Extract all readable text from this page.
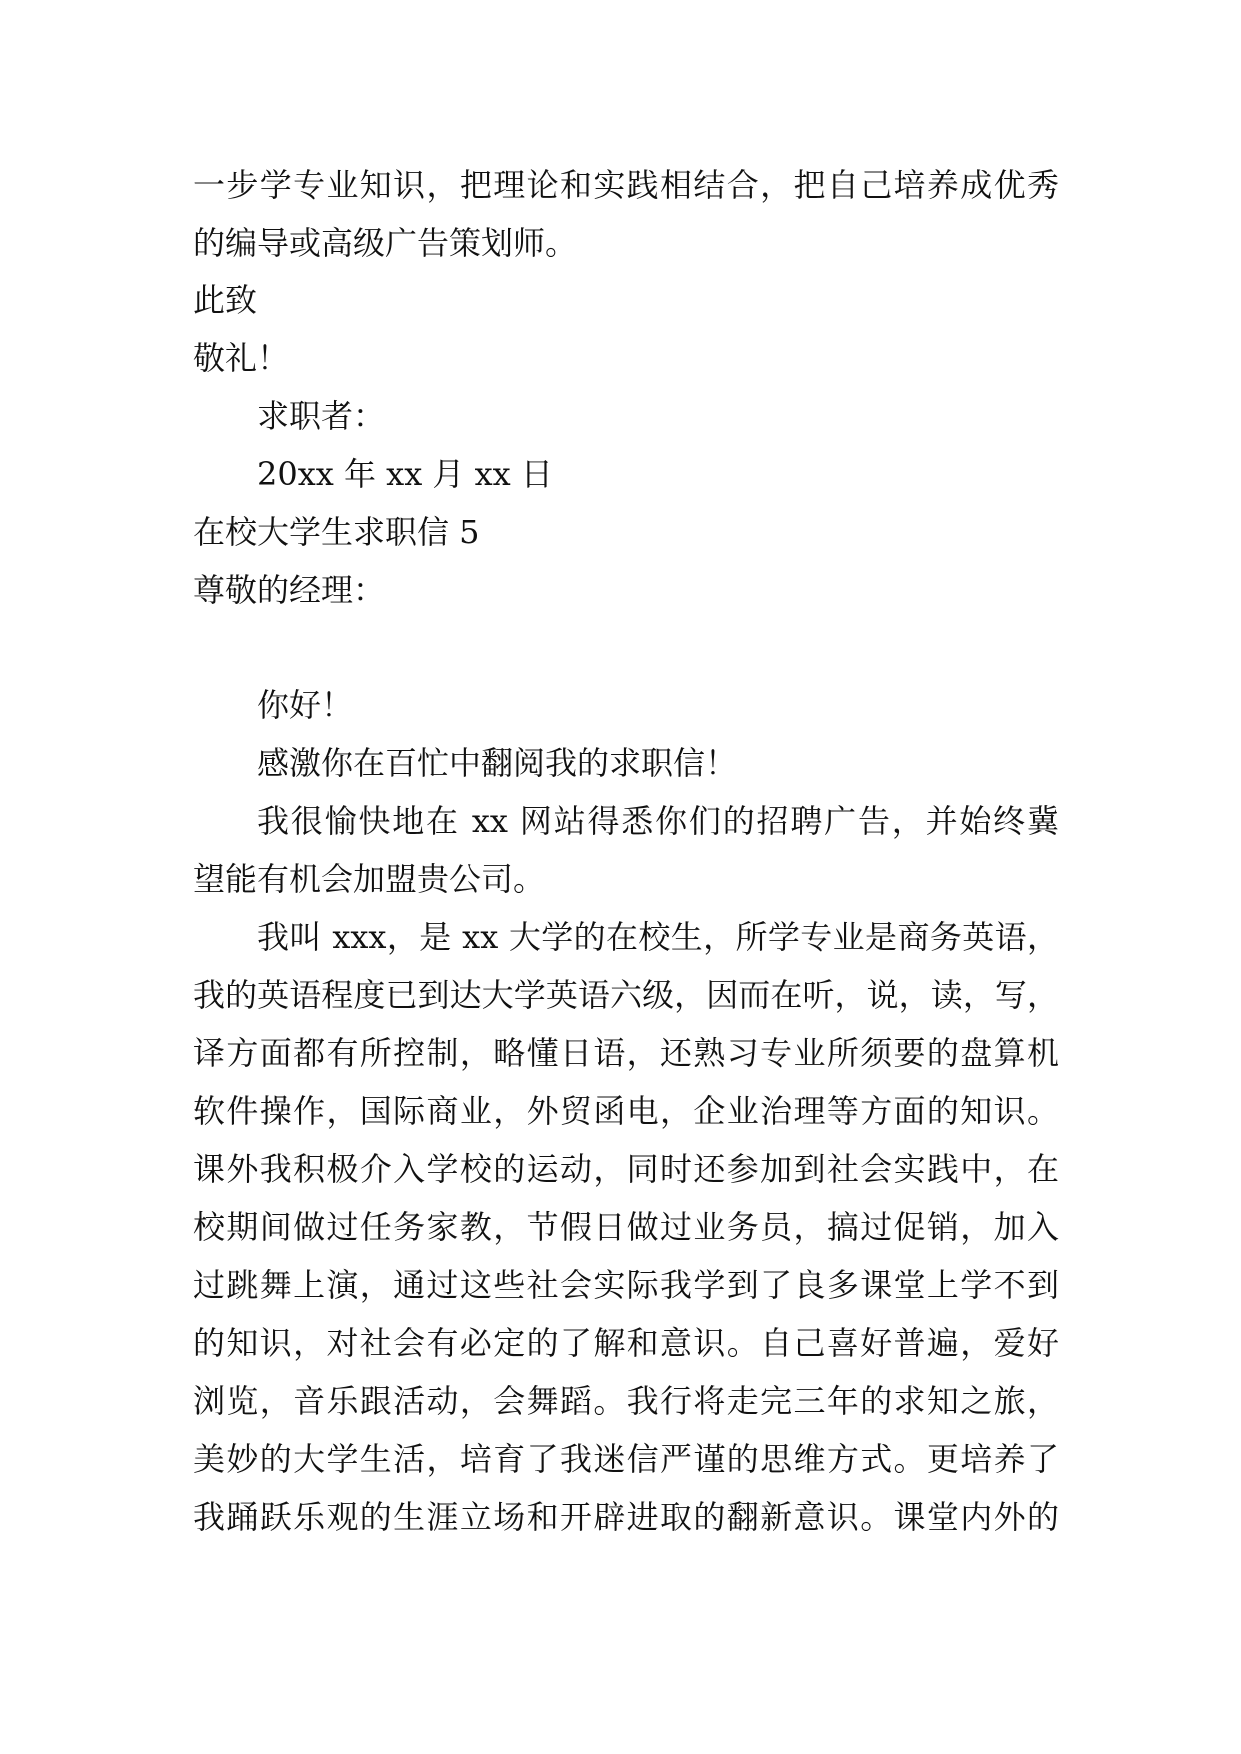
一步学专业知识，把理论和实践相结合，把自己培养成优秀
的编导或高级广告策划师。
此致
敬礼！
求职者：
20xx 年 xx 月 xx 日
在校大学生求职信 5
尊敬的经理：
你好！
感激你在百忙中翻阅我的求职信！
我很愉快地在 xx 网站得悉你们的招聘广告，并始终冀
望能有机会加盟贵公司。
我叫 xxx，是 xx 大学的在校生，所学专业是商务英语，
我的英语程度已到达大学英语六级，因而在听，说，读，写，
译方面都有所控制，略懂日语，还熟习专业所须要的盘算机
软件操作，国际商业，外贸函电，企业治理等方面的知识。
课外我积极介入学校的运动，同时还参加到社会实践中，在
校期间做过任务家教，节假日做过业务员，搞过促销，加入
过跳舞上演，通过这些社会实际我学到了良多课堂上学不到
的知识，对社会有必定的了解和意识。自己喜好普遍，爱好
浏览，音乐跟活动，会舞蹈。我行将走完三年的求知之旅，
美妙的大学生活，培育了我迷信严谨的思维方式。更培养了
我踊跃乐观的生涯立场和开辟进取的翻新意识。课堂内外的
